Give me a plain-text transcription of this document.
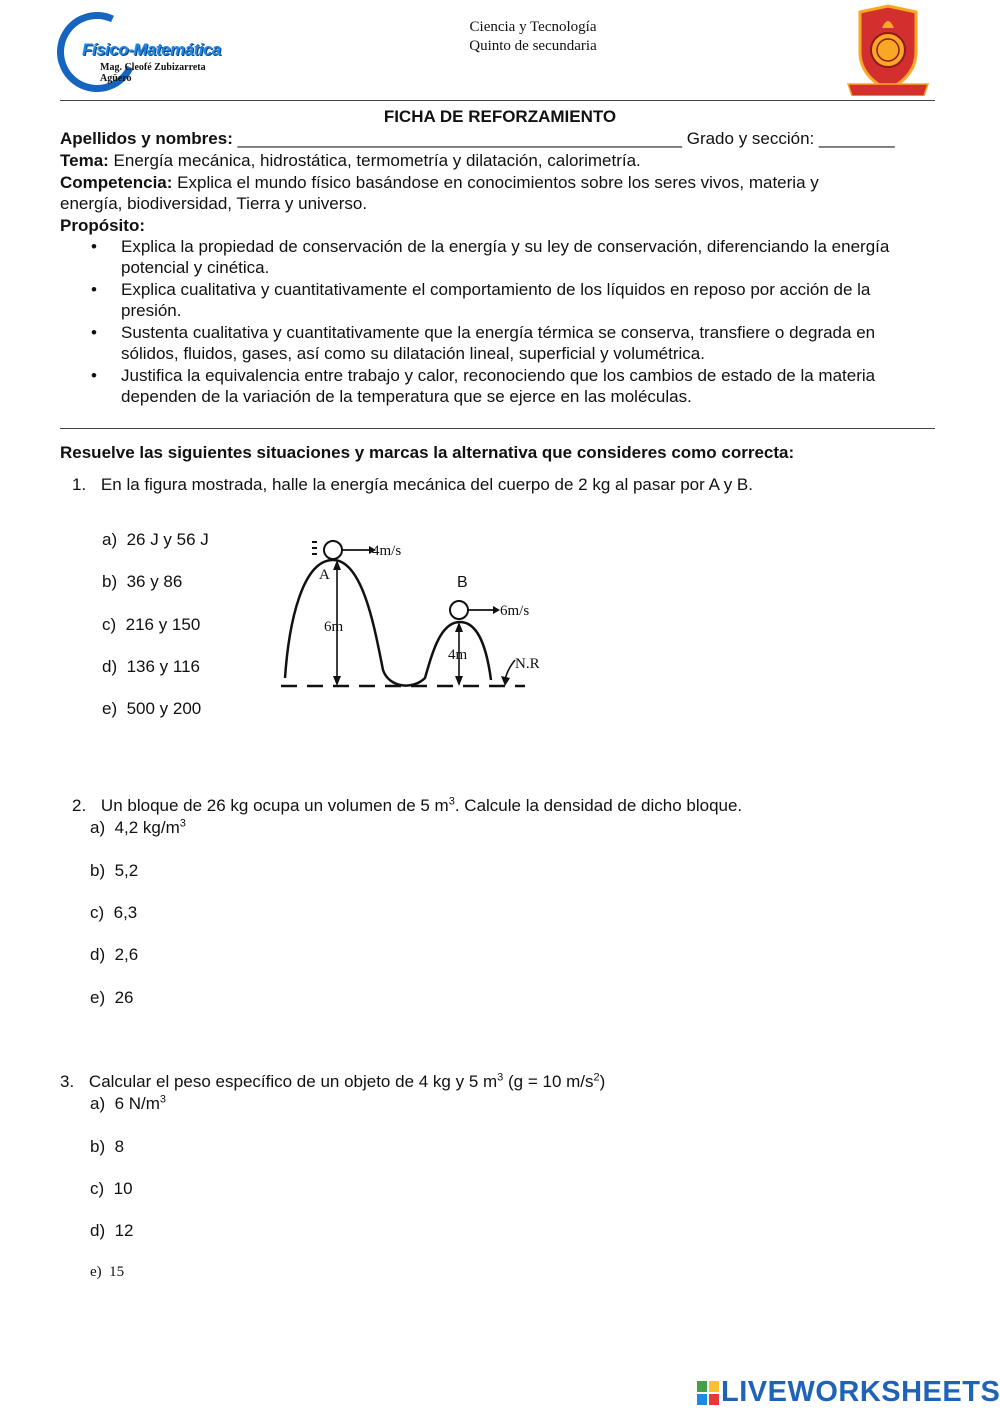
Físico-Matemática
Mag. Cleofé Zubizarreta
Agüero
Ciencia y Tecnología
Quinto de secundaria
FICHA DE REFORZAMIENTO
Apellidos y nombres: _______________________________________________ Grado y sección: ________
Tema: Energía mecánica, hidrostática, termometría y dilatación, calorimetría.
Competencia: Explica el mundo físico basándose en conocimientos sobre los seres vivos, materia y
energía, biodiversidad, Tierra y universo.
Propósito:
• Explica la propiedad de conservación de la energía y su ley de conservación, diferenciando la energía
potencial y cinética.
• Explica cualitativa y cuantitativamente el comportamiento de los líquidos en reposo por acción de la
presión.
• Sustenta cualitativa y cuantitativamente que la energía térmica se conserva, transfiere o degrada en
sólidos, fluidos, gases, así como su dilatación lineal, superficial y volumétrica.
• Justifica la equivalencia entre trabajo y calor, reconociendo que los cambios de estado de la materia
dependen de la variación de la temperatura que se ejerce en las moléculas.
Resuelve las siguientes situaciones y marcas la alternativa que consideres como correcta:
1. En la figura mostrada, halle la energía mecánica del cuerpo de 2 kg al pasar por A y B.
a) 26 J y 56 J
b) 36 y 86
c) 216 y 150
d) 136 y 116
e) 500 y 200
A	B
4m/s
6m/s
6m
4m
N.R
2. Un bloque de 26 kg ocupa un volumen de 5 $m^3$. Calcule la densidad de dicho bloque.
a) 4,2 $kg/m^3$
b) 5,2
c) 6,3
d) 2,6
e) 26
3. Calcular el peso específico de un objeto de 4 kg y 5 $m^3$ (g = 10 $m/s^2$)
a) 6 $N/m^3$
b) 8
c) 10
d) 12
e) 15
LIVEWORKSHEETS
